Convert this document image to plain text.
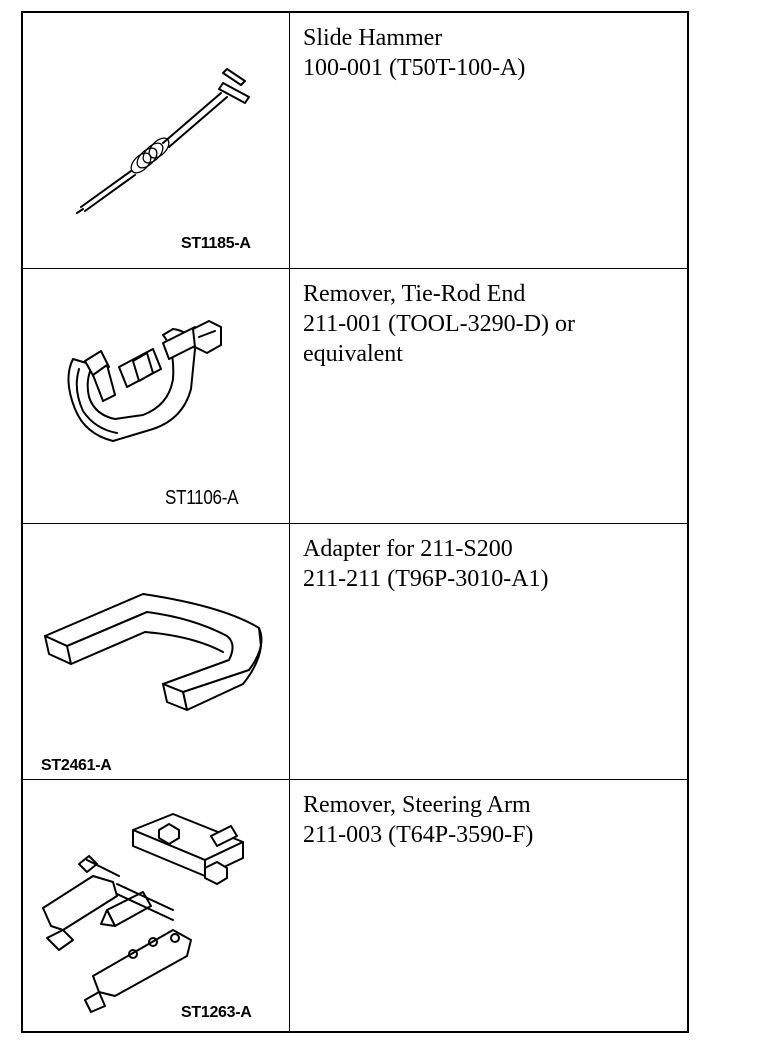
ST1185-A
Slide Hammer
100-001 (T50T-100-A)
ST1106-A
Remover, Tie-Rod End
211-001 (TOOL-3290-D) or
equivalent
ST2461-A
Adapter for 211-S200
211-211 (T96P-3010-A1)
ST1263-A
Remover, Steering Arm
211-003 (T64P-3590-F)
